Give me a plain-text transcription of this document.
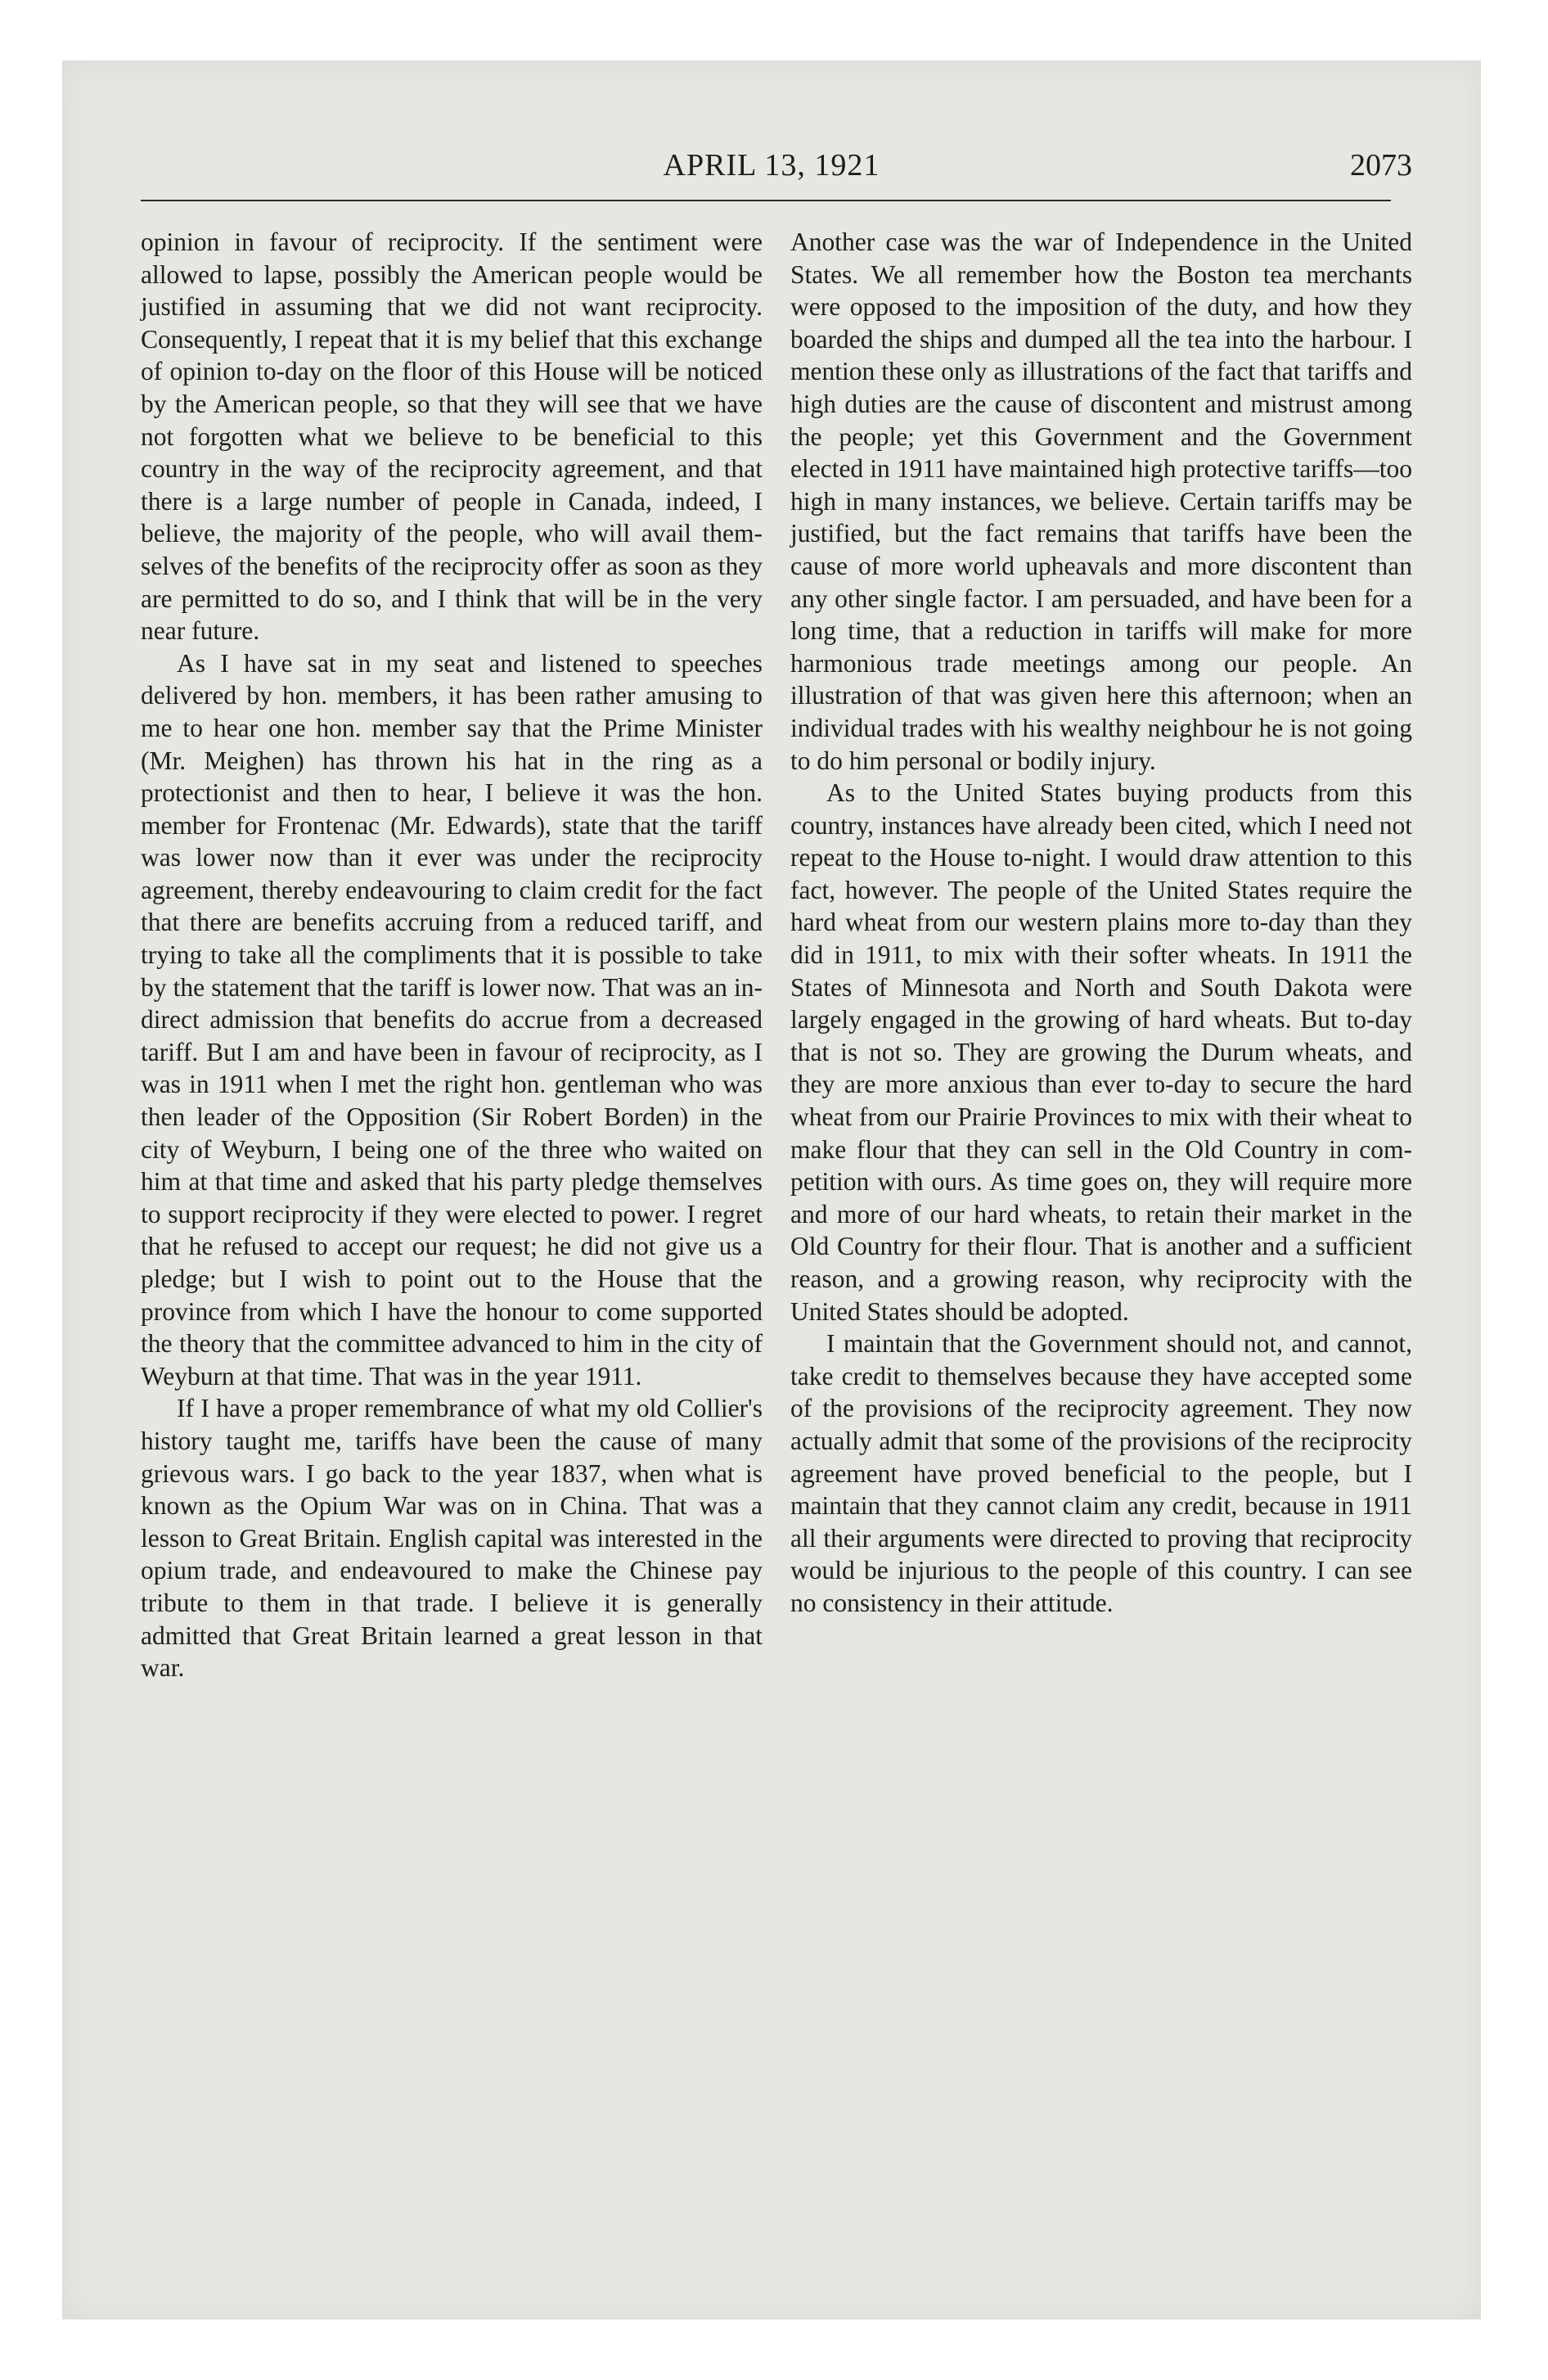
APRIL 13, 1921	2073

opinion in favour of reciprocity. If the sentiment were allowed to lapse, possibly the American people would be justified in assuming that we did not want reciprocity. Consequently, I repeat that it is my belief that this exchange of opinion to-day on the floor of this House will be noticed by the American people, so that they will see that we have not forgotten what we believe to be beneficial to this country in the way of the reciprocity agreement, and that there is a large number of people in Canada, indeed, I believe, the majority of the people, who will avail themselves of the benefits of the reciprocity offer as soon as they are permitted to do so, and I think that will be in the very near future.

As I have sat in my seat and listened to speeches delivered by hon. members, it has been rather amusing to me to hear one hon. member say that the Prime Minister (Mr. Meighen) has thrown his hat in the ring as a protectionist and then to hear, I believe it was the hon. member for Frontenac (Mr. Edwards), state that the tariff was lower now than it ever was under the reciprocity agreement, thereby endeavouring to claim credit for the fact that there are benefits accruing from a reduced tariff, and trying to take all the compliments that it is possible to take by the statement that the tariff is lower now. That was an indirect admission that benefits do accrue from a decreased tariff. But I am and have been in favour of reciprocity, as I was in 1911 when I met the right hon. gentleman who was then leader of the Opposition (Sir Robert Borden) in the city of Weyburn, I being one of the three who waited on him at that time and asked that his party pledge themselves to support reciprocity if they were elected to power. I regret that he refused to accept our request; he did not give us a pledge; but I wish to point out to the House that the province from which I have the honour to come supported the theory that the committee advanced to him in the city of Weyburn at that time. That was in the year 1911.

If I have a proper remembrance of what my old Collier's history taught me, tariffs have been the cause of many grievous wars. I go back to the year 1837, when what is known as the Opium War was on in China. That was a lesson to Great Britain. English capital was interested in the opium trade, and endeavoured to make the Chinese pay tribute to them in that trade. I believe it is generally admitted that Great Britain learned a great lesson in that war.

Another case was the war of Independence in the United States. We all remember how the Boston tea merchants were opposed to the imposition of the duty, and how they boarded the ships and dumped all the tea into the harbour. I mention these only as illustrations of the fact that tariffs and high duties are the cause of discontent and mistrust among the people; yet this Government and the Government elected in 1911 have maintained high protective tariffs—too high in many instances, we believe. Certain tariffs may be justified, but the fact remains that tariffs have been the cause of more world upheavals and more discontent than any other single factor. I am persuaded, and have been for a long time, that a reduction in tariffs will make for more harmonious trade meetings among our people. An illustration of that was given here this afternoon; when an individual trades with his wealthy neighbour he is not going to do him personal or bodily injury.

As to the United States buying products from this country, instances have already been cited, which I need not repeat to the House to-night. I would draw attention to this fact, however. The people of the United States require the hard wheat from our western plains more to-day than they did in 1911, to mix with their softer wheats. In 1911 the States of Minnesota and North and South Dakota were largely engaged in the growing of hard wheats. But to-day that is not so. They are growing the Durum wheats, and they are more anxious than ever to-day to secure the hard wheat from our Prairie Provinces to mix with their wheat to make flour that they can sell in the Old Country in competition with ours. As time goes on, they will require more and more of our hard wheats, to retain their market in the Old Country for their flour. That is another and a sufficient reason, and a growing reason, why reciprocity with the United States should be adopted.

I maintain that the Government should not, and cannot, take credit to themselves because they have accepted some of the provisions of the reciprocity agreement. They now actually admit that some of the provisions of the reciprocity agreement have proved beneficial to the people, but I maintain that they cannot claim any credit, because in 1911 all their arguments were directed to proving that reciprocity would be injurious to the people of this country. I can see no consistency in their attitude.
